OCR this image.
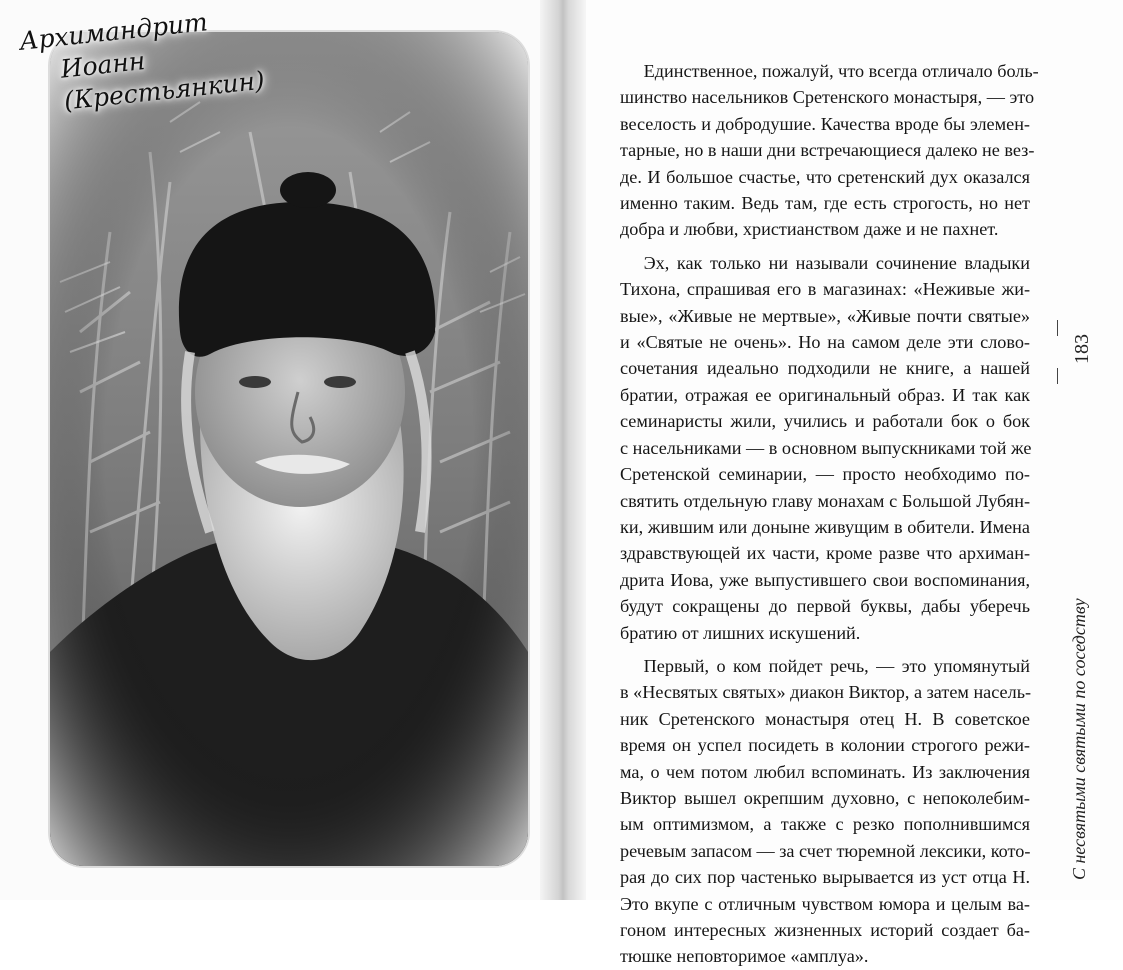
Архимандрит
Иоанн (Крестьянкин)	Единственное, пожалуй, что всегда отличало боль-
шинство насельников Сретенского монастыря, — это
веселость и добродушие. Качества вроде бы элемен-
тарные, но в наши дни встречающиеся далеко не вез-
де. И большое счастье, что сретенский дух оказался
именно таким. Ведь там, где есть строгость, но нет
добра и любви, христианством даже и не пахнет.
Эх, как только ни называли сочинение владыки
Тихона, спрашивая его в магазинах: «Неживые жи-
вые», «Живые не мертвые», «Живые почти святые»
и «Святые не очень». Но на самом деле эти слово-
сочетания идеально подходили не книге, а нашей
братии, отражая ее оригинальный образ. И так как
семинаристы жили, учились и работали бок о бок
с насельниками — в основном выпускниками той же
Сретенской семинарии, — просто необходимо по-
святить отдельную главу монахам с Большой Лубян-
ки, жившим или доныне живущим в обители. Имена
здравствующей их части, кроме разве что архиман-
дрита Иова, уже выпустившего свои воспоминания,
будут сокращены до первой буквы, дабы уберечь
братию от лишних искушений.
Первый, о ком пойдет речь, — это упомянутый
в «Несвятых святых» диакон Виктор, а затем насель-
ник Сретенского монастыря отец Н. В советское
время он успел посидеть в колонии строгого режи-
ма, о чем потом любил вспоминать. Из заключения
Виктор вышел окрепшим духовно, с непоколебим-
ым оптимизмом, а также с резко пополнившимся
речевым запасом — за счет тюремной лексики, кото-
рая до сих пор частенько вырывается из уст отца Н.
Это вкупе с отличным чувством юмора и целым ва-
гоном интересных жизненных историй создает ба-
тюшке неповторимое «амплуа».
183
С несвятыми святыми по соседству
